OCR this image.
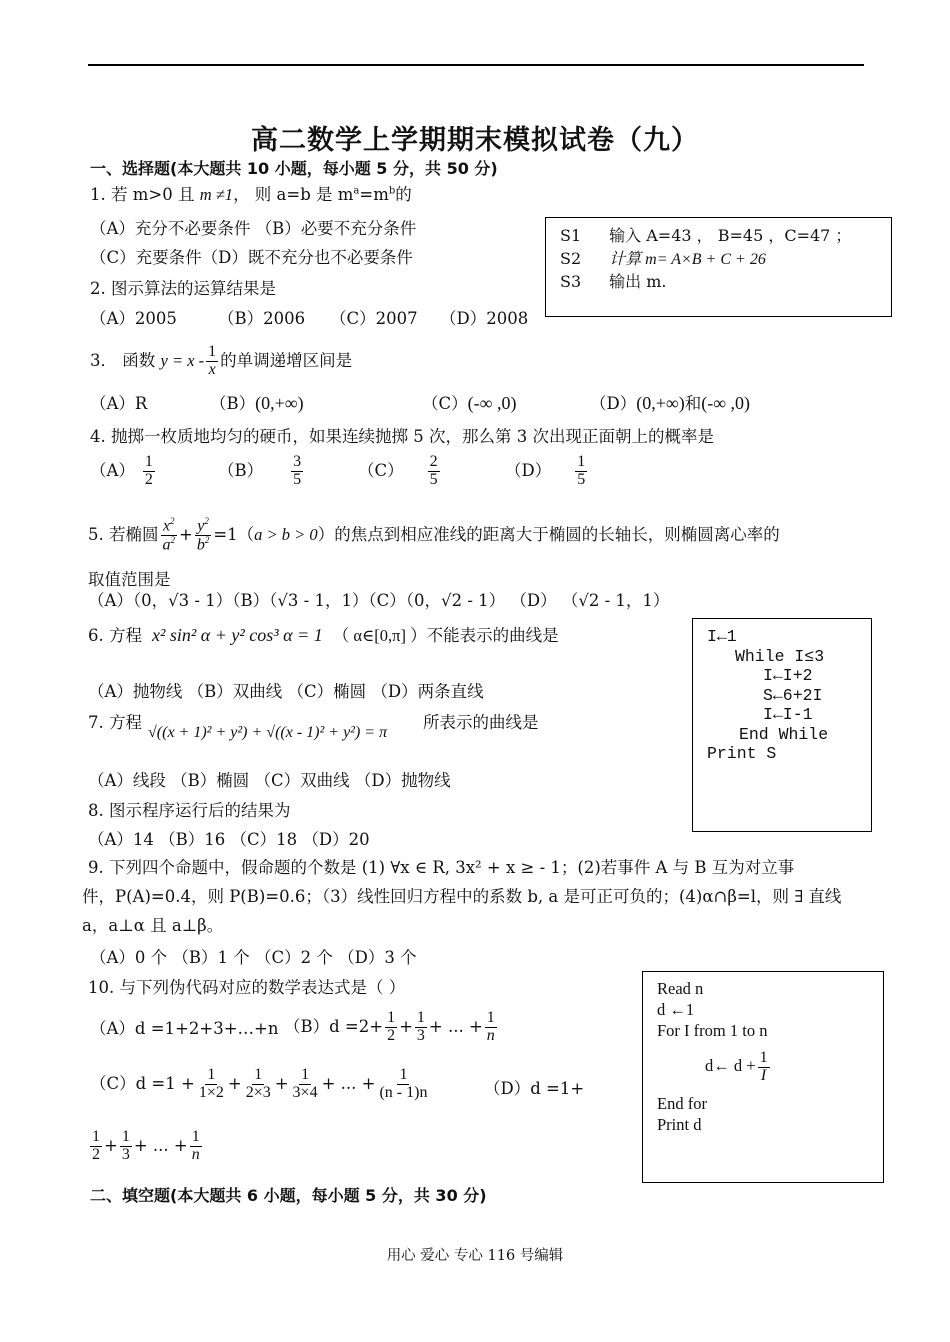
高二数学上学期期末模拟试卷（九）
一、选择题(本大题共 10 小题，每小题 5 分，共 50 分)
1. 若 m>0 且 m ≠1， 则 a=b 是 $m^a=m^b$的
（A）充分不必要条件 （B）必要不充分条件
（C）充要条件（D）既不充分也不必要条件
S1 输入 A=43 ， B=45 ，C=47 ；
S2 计算 m= A×B + C + 26
S3 输出 m.
2. 图示算法的运算结果是
（A）2005 （B）2006 （C）2007 （D）2008
3． 函数 $y = x - \frac{1}{x}$ 的单调递增区间是
（A）R	（B）(0,+∞)	（C）(-∞ ,0)	（D）(0,+∞)和(-∞ ,0)
4. 抛掷一枚质地均匀的硬币，如果连续抛掷 5 次，那么第 3 次出现正面朝上的概率是
$(A) \frac{1}{2}$	$(B) \frac{3}{5}$	$(C) \frac{2}{5}$	$(D) \frac{1}{5}$
5. 若椭圆 $\frac{x^2}{a^2} + \frac{y^2}{b^2} =1(a > b > 0)$的焦点到相应准线的距离大于椭圆的长轴长，则椭圆离心率的
取值范围是
（A）（0，√3 - 1）（B）（√3 - 1，1）（C）（0，√2 - 1） （D） （√2 - 1，1）
6. 方程 x² sin² α + y² cos³ α = 1 （ α∈[0,π] ）不能表示的曲线是
（A）抛物线 （B）双曲线 （C）椭圆 （D）两条直线
I←1
While I≤3
I←I+2
S←6+2I
I←I-1
End While
Print S
7. 方程
√((x + 1)² + y²) + √((x - 1)² + y²) = π
所表示的曲线是
（A）线段 （B）椭圆 （C）双曲线 （D）抛物线
8. 图示程序运行后的结果为
（A）14 （B）16 （C）18 （D）20
9. 下列四个命题中，假命题的个数是 (1) ∀x ∈ R, 3x² + x ≥ - 1；(2)若事件 A 与 B 互为对立事
件，P(A)=0.4，则 P(B)=0.6；（3）线性回归方程中的系数 b, a 是可正可负的；(4)α∩β=l，则 ∃ 直线
a，a⊥α 且 a⊥β。
（A）0 个 （B）1 个 （C）2 个 （D）3 个
10. 与下列伪代码对应的数学表达式是（ ）
（A）d =1+2+3+…+n $(B)d =2+ \frac{1}{2} + \frac{1}{3}$ + ... + $\frac{1}{n}$
$(C)d =1 + \frac{1}{1\times 2} + \frac{1}{2\times 3} + \frac{1}{3\times 4}$ + ... + $\frac{1}{(n - 1)n}$	（D）d =1+
$\frac{1}{2} + \frac{1}{3}$ + ... + $\frac{1}{n}$
Read n
d ←1
For I from 1 to n
d← $d + \frac{1}{I}$
End for
Print d
二、填空题(本大题共 6 小题，每小题 5 分，共 30 分)
用心 爱心 专心 116 号编辑
